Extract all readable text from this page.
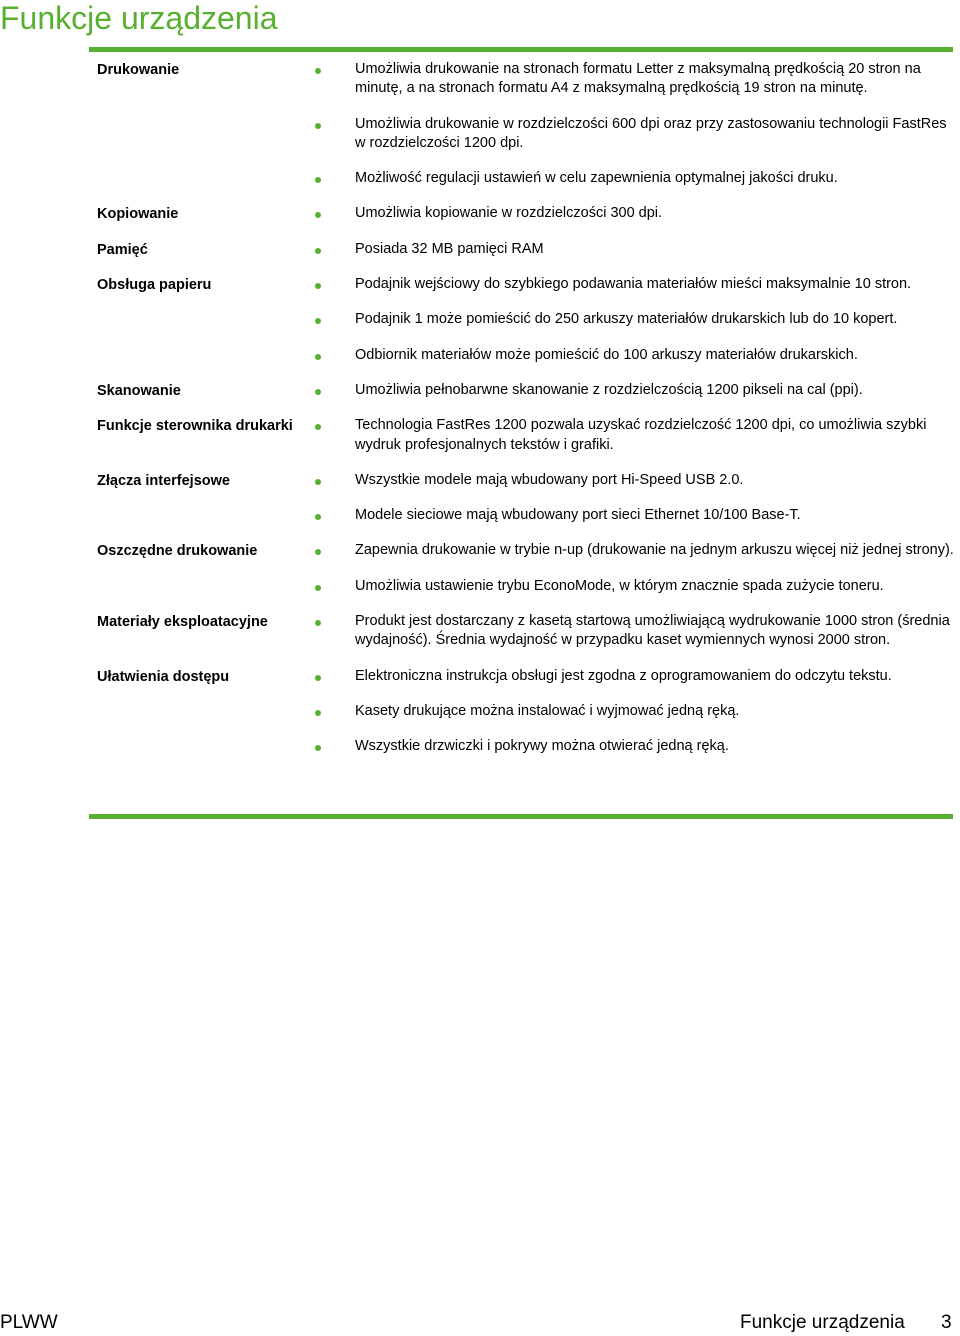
Funkcje urządzenia
Drukowanie	Umożliwia drukowanie na stronach formatu Letter z maksymalną prędkością 20 stron na minutę, a na stronach formatu A4 z maksymalną prędkością 19 stron na minutę.
Umożliwia drukowanie w rozdzielczości 600 dpi oraz przy zastosowaniu technologii FastRes w rozdzielczości 1200 dpi.
Możliwość regulacji ustawień w celu zapewnienia optymalnej jakości druku.
Kopiowanie	Umożliwia kopiowanie w rozdzielczości 300 dpi.
Pamięć	Posiada 32 MB pamięci RAM
Obsługa papieru	Podajnik wejściowy do szybkiego podawania materiałów mieści maksymalnie 10 stron.
Podajnik 1 może pomieścić do 250 arkuszy materiałów drukarskich lub do 10 kopert.
Odbiornik materiałów może pomieścić do 100 arkuszy materiałów drukarskich.
Skanowanie	Umożliwia pełnobarwne skanowanie z rozdzielczością 1200 pikseli na cal (ppi).
Funkcje sterownika drukarki	Technologia FastRes 1200 pozwala uzyskać rozdzielczość 1200 dpi, co umożliwia szybki wydruk profesjonalnych tekstów i grafiki.
Złącza interfejsowe	Wszystkie modele mają wbudowany port Hi-Speed USB 2.0.
Modele sieciowe mają wbudowany port sieci Ethernet 10/100 Base-T.
Oszczędne drukowanie	Zapewnia drukowanie w trybie n-up (drukowanie na jednym arkuszu więcej niż jednej strony).
Umożliwia ustawienie trybu EconoMode, w którym znacznie spada zużycie toneru.
Materiały eksploatacyjne	Produkt jest dostarczany z kasetą startową umożliwiającą wydrukowanie 1000 stron (średnia wydajność). Średnia wydajność w przypadku kaset wymiennych wynosi 2000 stron.
Ułatwienia dostępu	Elektroniczna instrukcja obsługi jest zgodna z oprogramowaniem do odczytu tekstu.
Kasety drukujące można instalować i wyjmować jedną ręką.
Wszystkie drzwiczki i pokrywy można otwierać jedną ręką.
PLWW	Funkcje urządzenia 3
